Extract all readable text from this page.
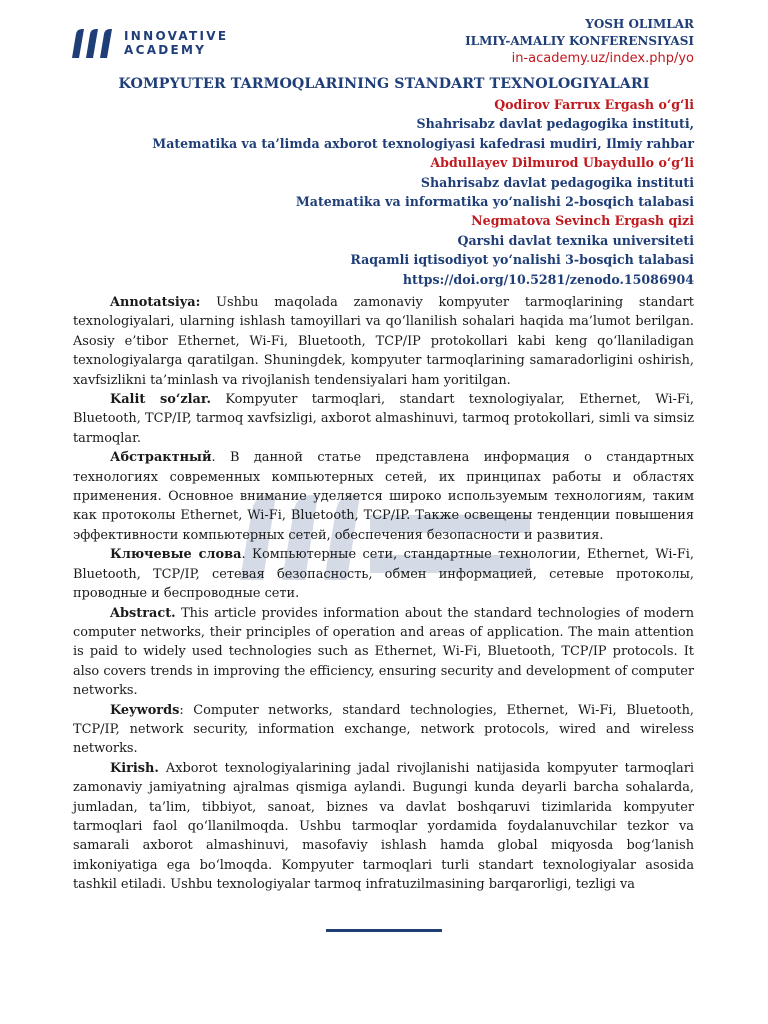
INNOVATIVE
ACADEMY
YOSH OLIMLAR
ILMIY-AMALIY KONFERENSIYASI
in-academy.uz/index.php/yo
KOMPYUTER TARMOQLARINING STANDART TEXNOLOGIYALARI
Qodirov Farrux Ergash o‘g‘li
Shahrisabz davlat pedagogika instituti,
Matematika va ta’limda axborot texnologiyasi kafedrasi mudiri, Ilmiy rahbar
Abdullayev Dilmurod Ubaydullo o‘g‘li
Shahrisabz davlat pedagogika instituti
Matematika va informatika yo‘nalishi 2-bosqich talabasi
Negmatova Sevinch Ergash qizi
Qarshi davlat texnika universiteti
Raqamli iqtisodiyot yo‘nalishi 3-bosqich talabasi
https://doi.org/10.5281/zenodo.15086904

Annotatsiya: Ushbu maqolada zamonaviy kompyuter tarmoqlarining standart texnologiyalari, ularning ishlash tamoyillari va qo‘llanilish sohalari haqida ma’lumot berilgan. Asosiy e’tibor Ethernet, Wi-Fi, Bluetooth, TCP/IP protokollari kabi keng qo‘llaniladigan texnologiyalarga qaratilgan. Shuningdek, kompyuter tarmoqlarining samaradorligini oshirish, xavfsizlikni ta’minlash va rivojlanish tendensiyalari ham yoritilgan.

Kalit so‘zlar. Kompyuter tarmoqlari, standart texnologiyalar, Ethernet, Wi-Fi, Bluetooth, TCP/IP, tarmoq xavfsizligi, axborot almashinuvi, tarmoq protokollari, simli va simsiz tarmoqlar.

Абстрактный. В данной статье представлена информация о стандартных технологиях современных компьютерных сетей, их принципах работы и областях применения. Основное внимание уделяется широко используемым технологиям, таким как протоколы Ethernet, Wi-Fi, Bluetooth, TCP/IP. Также освещены тенденции повышения эффективности компьютерных сетей, обеспечения безопасности и развития.

Ключевые слова. Компьютерные сети, стандартные технологии, Ethernet, Wi-Fi, Bluetooth, TCP/IP, сетевая безопасность, обмен информацией, сетевые протоколы, проводные и беспроводные сети.

Abstract. This article provides information about the standard technologies of modern computer networks, their principles of operation and areas of application. The main attention is paid to widely used technologies such as Ethernet, Wi-Fi, Bluetooth, TCP/IP protocols. It also covers trends in improving the efficiency, ensuring security and development of computer networks.

Keywords: Computer networks, standard technologies, Ethernet, Wi-Fi, Bluetooth, TCP/IP, network security, information exchange, network protocols, wired and wireless networks.

Kirish. Axborot texnologiyalarining jadal rivojlanishi natijasida kompyuter tarmoqlari zamonaviy jamiyatning ajralmas qismiga aylandi. Bugungi kunda deyarli barcha sohalarda, jumladan, ta’lim, tibbiyot, sanoat, biznes va davlat boshqaruvi tizimlarida kompyuter tarmoqlari faol qo‘llanilmoqda. Ushbu tarmoqlar yordamida foydalanuvchilar tezkor va samarali axborot almashinuvi, masofaviy ishlash hamda global miqyosda bog‘lanish imkoniyatiga ega bo‘lmoqda. Kompyuter tarmoqlari turli standart texnologiyalar asosida tashkil etiladi. Ushbu texnologiyalar tarmoq infratuzilmasining barqarorligi, tezligi va
